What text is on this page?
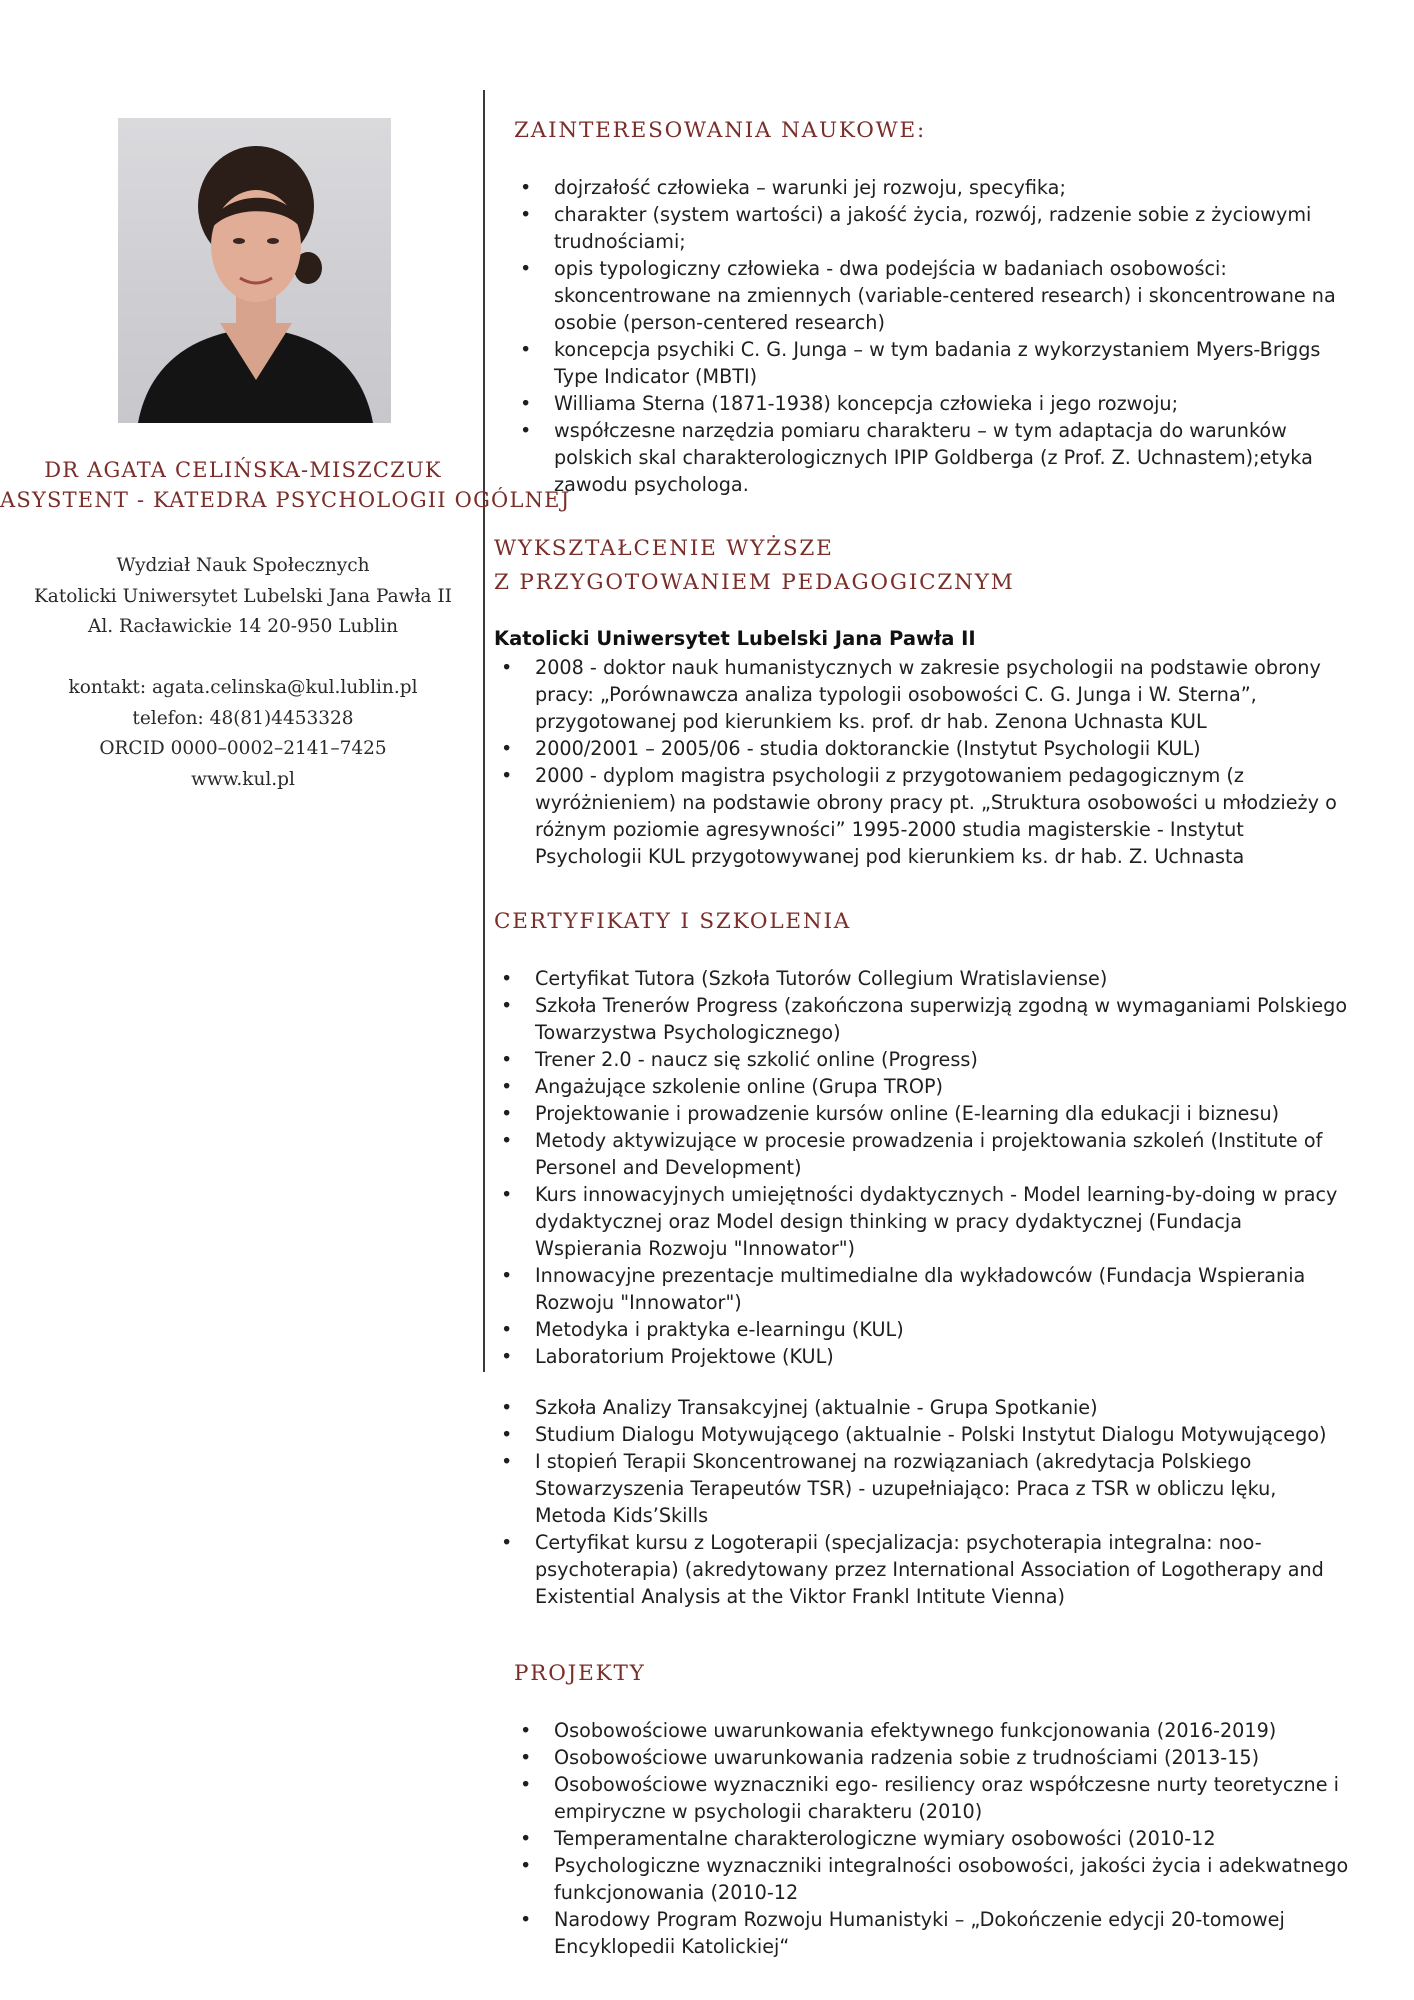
DR AGATA CELIŃSKA-MISZCZUK
ASYSTENT - KATEDRA PSYCHOLOGII OGÓLNEJ
Wydział Nauk Społecznych
Katolicki Uniwersytet Lubelski Jana Pawła II
Al. Racławickie 14 20-950 Lublin
kontakt: agata.celinska@kul.lublin.pl
telefon: 48(81)4453328
ORCID 0000–0002–2141–7425
www.kul.pl
ZAINTERESOWANIA NAUKOWE:
• dojrzałość człowieka – warunki jej rozwoju, specyfika;
• charakter (system wartości) a jakość życia, rozwój, radzenie sobie z życiowymi trudnościami;
• opis typologiczny człowieka - dwa podejścia w badaniach osobowości: skoncentrowane na zmiennych (variable-centered research) i skoncentrowane na osobie (person-centered research)
• koncepcja psychiki C. G. Junga – w tym badania z wykorzystaniem Myers-Briggs Type Indicator (MBTI)
• Williama Sterna (1871-1938) koncepcja człowieka i jego rozwoju;
• współczesne narzędzia pomiaru charakteru – w tym adaptacja do warunków polskich skal charakterologicznych IPIP Goldberga (z Prof. Z. Uchnastem);etyka zawodu psychologa.
WYKSZTAŁCENIE WYŻSZE
Z PRZYGOTOWANIEM PEDAGOGICZNYM
Katolicki Uniwersytet Lubelski Jana Pawła II
• 2008 - doktor nauk humanistycznych w zakresie psychologii na podstawie obrony pracy: „Porównawcza analiza typologii osobowości C. G. Junga i W. Sterna”, przygotowanej pod kierunkiem ks. prof. dr hab. Zenona Uchnasta KUL
• 2000/2001 – 2005/06 - studia doktoranckie (Instytut Psychologii KUL)
• 2000 - dyplom magistra psychologii z przygotowaniem pedagogicznym (z wyróżnieniem) na podstawie obrony pracy pt. „Struktura osobowości u młodzieży o różnym poziomie agresywności” 1995-2000 studia magisterskie - Instytut Psychologii KUL przygotowywanej pod kierunkiem ks. dr hab. Z. Uchnasta
CERTYFIKATY I SZKOLENIA
• Certyfikat Tutora (Szkoła Tutorów Collegium Wratislaviense)
• Szkoła Trenerów Progress (zakończona superwizją zgodną w wymaganiami Polskiego Towarzystwa Psychologicznego)
• Trener 2.0 - naucz się szkolić online (Progress)
• Angażujące szkolenie online (Grupa TROP)
• Projektowanie i prowadzenie kursów online (E-learning dla edukacji i biznesu)
• Metody aktywizujące w procesie prowadzenia i projektowania szkoleń (Institute of Personel and Development)
• Kurs innowacyjnych umiejętności dydaktycznych - Model learning-by-doing w pracy dydaktycznej oraz Model design thinking w pracy dydaktycznej (Fundacja Wspierania Rozwoju "Innowator")
• Innowacyjne prezentacje multimedialne dla wykładowców (Fundacja Wspierania Rozwoju "Innowator")
• Metodyka i praktyka e-learningu (KUL)
• Laboratorium Projektowe (KUL)
• Szkoła Analizy Transakcyjnej (aktualnie - Grupa Spotkanie)
• Studium Dialogu Motywującego (aktualnie - Polski Instytut Dialogu Motywującego)
• I stopień Terapii Skoncentrowanej na rozwiązaniach (akredytacja Polskiego Stowarzyszenia Terapeutów TSR) - uzupełniająco: Praca z TSR w obliczu lęku, Metoda Kids’Skills
• Certyfikat kursu z Logoterapii (specjalizacja: psychoterapia integralna: noo-psychoterapia) (akredytowany przez International Association of Logotherapy and Existential Analysis at the Viktor Frankl Intitute Vienna)
PROJEKTY
• Osobowościowe uwarunkowania efektywnego funkcjonowania (2016-2019)
• Osobowościowe uwarunkowania radzenia sobie z trudnościami (2013-15)
• Osobowościowe wyznaczniki ego- resiliency oraz współczesne nurty teoretyczne i empiryczne w psychologii charakteru (2010)
• Temperamentalne charakterologiczne wymiary osobowości (2010-12
• Psychologiczne wyznaczniki integralności osobowości, jakości życia i adekwatnego funkcjonowania (2010-12
• Narodowy Program Rozwoju Humanistyki – „Dokończenie edycji 20-tomowej Encyklopedii Katolickiej“
